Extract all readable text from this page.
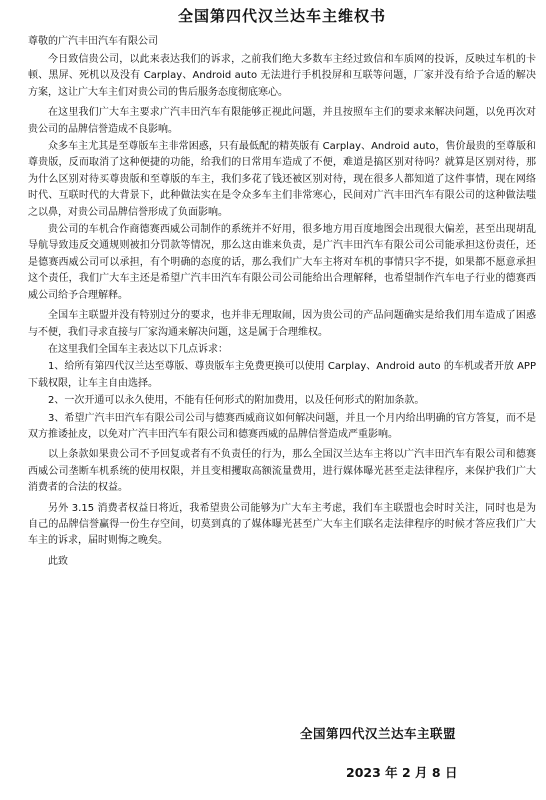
全国第四代汉兰达车主维权书
尊敬的广汽丰田汽车有限公司

今日致信贵公司，以此来表达我们的诉求，之前我们绝大多数车主经过致信和车质网的投诉，反映过车机的卡顿、黑屏、死机以及没有 Carplay、Android auto 无法进行手机投屏和互联等问题，厂家并没有给予合适的解决方案，这让广大车主们对贵公司的售后服务态度彻底寒心。

在这里我们广大车主要求广汽丰田汽车有限能够正视此问题，并且按照车主们的要求来解决问题，以免再次对贵公司的品牌信誉造成不良影响。

众多车主尤其是至尊版车主非常困惑，只有最低配的精英版有 Carplay、Android auto，售价最贵的至尊版和尊贵版，反而取消了这种便捷的功能，给我们的日常用车造成了不便，难道是搞区别对待吗？就算是区别对待，那为什么区别对待买尊贵版和至尊版的车主，我们多花了钱还被区别对待，现在很多人都知道了这件事情，现在网络时代、互联时代的大背景下，此种做法实在是令众多车主们非常寒心，民间对广汽丰田汽车有限公司的这种做法嗤之以鼻，对贵公司品牌信誉形成了负面影响。

贵公司的车机合作商德赛西威公司制作的系统并不好用，很多地方用百度地图会出现很大偏差，甚至出现胡乱导航导致违反交通规则被扣分罚款等情况，那么这由谁来负责，是广汽丰田汽车有限公司公司能承担这份责任，还是德赛西威公司可以承担，有个明确的态度的话，那么我们广大车主将对车机的事情只字不提，如果都不愿意承担这个责任，我们广大车主还是希望广汽丰田汽车有限公司公司能给出合理解释，也希望制作汽车电子行业的德赛西威公司给予合理解释。

全国车主联盟并没有特别过分的要求，也并非无理取闹，因为贵公司的产品问题确实是给我们用车造成了困惑与不便，我们寻求直接与厂家沟通来解决问题，这是属于合理维权。

在这里我们全国车主表达以下几点诉求：

1、给所有第四代汉兰达至尊版、尊贵版车主免费更换可以使用 Carplay、Android auto 的车机或者开放 APP 下载权限，让车主自由选择。

2、一次开通可以永久使用，不能有任何形式的附加费用，以及任何形式的附加条款。

3、希望广汽丰田汽车有限公司公司与德赛西威商议如何解决问题，并且一个月内给出明确的官方答复，而不是双方推诿扯皮，以免对广汽丰田汽车有限公司和德赛西威的品牌信誉造成严重影响。

以上条款如果贵公司不予回复或者有不负责任的行为，那么全国汉兰达车主将以广汽丰田汽车有限公司和德赛西威公司垄断车机系统的使用权限，并且变相攫取高额流量费用，进行媒体曝光甚至走法律程序，来保护我们广大消费者的合法的权益。

另外 3.15 消费者权益日将近，我希望贵公司能够为广大车主考虑，我们车主联盟也会时时关注，同时也是为自己的品牌信誉赢得一份生存空间，切莫到真的了媒体曝光甚至广大车主们联名走法律程序的时候才答应我们广大车主的诉求，届时则悔之晚矣。

此致
全国第四代汉兰达车主联盟
2023 年 2 月 8 日
